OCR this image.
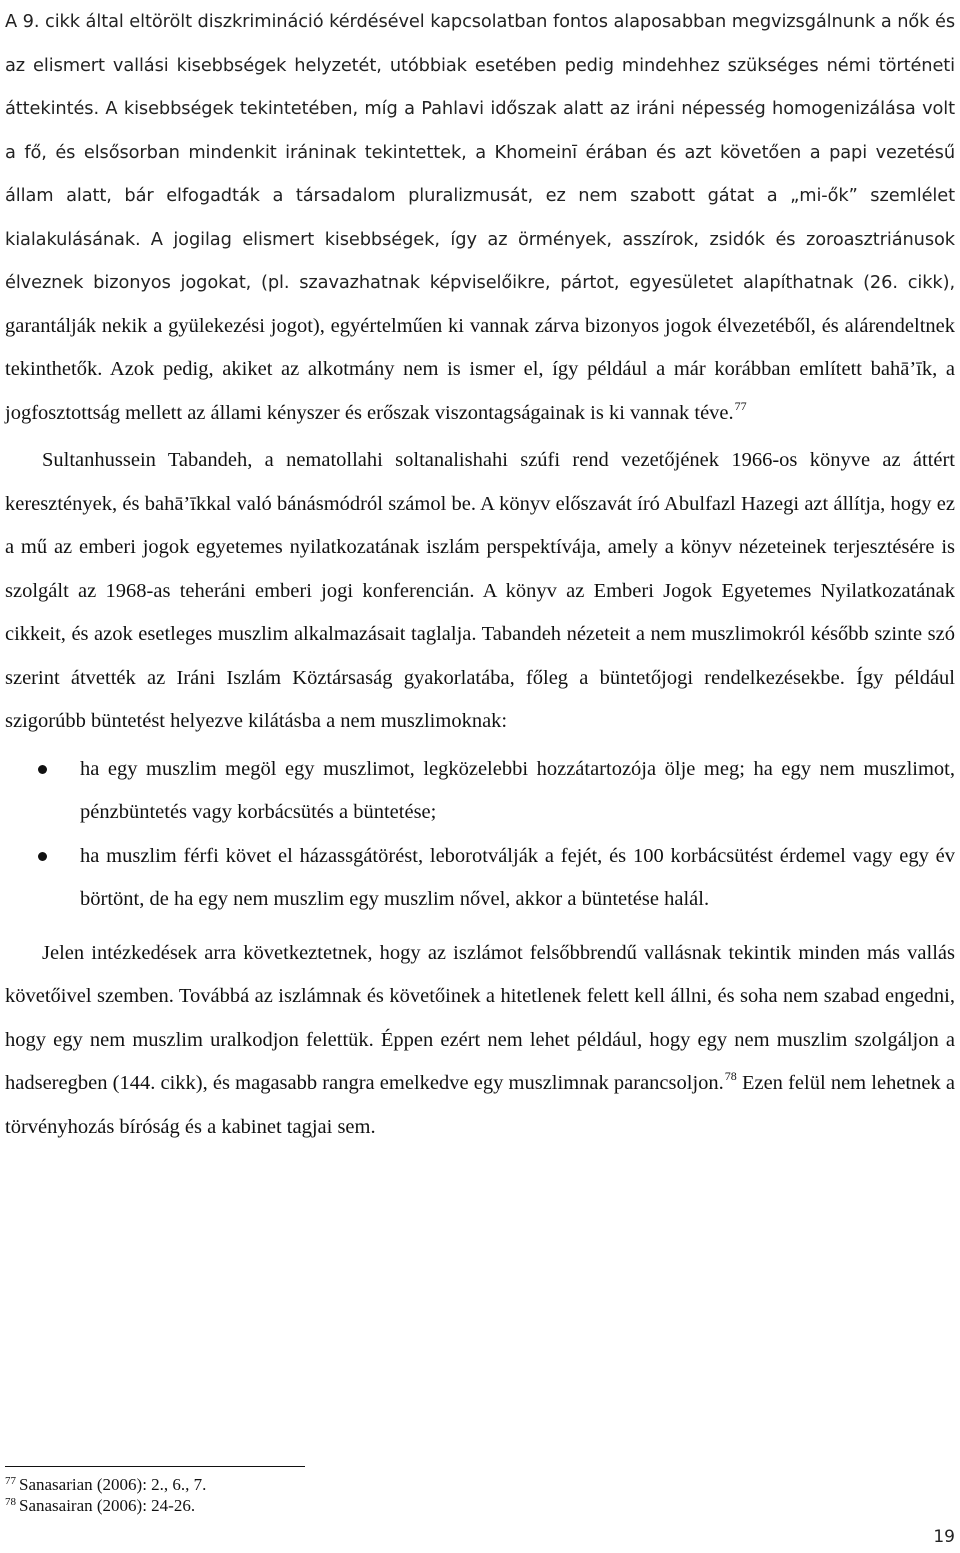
A 9. cikk által eltörölt diszkrimináció kérdésével kapcsolatban fontos alaposabban megvizsgálnunk a nők és az elismert vallási kisebbségek helyzetét, utóbbiak esetében pedig mindehhez szükséges némi történeti áttekintés. A kisebbségek tekintetében, míg a Pahlavi időszak alatt az iráni népesség homogenizálása volt a fő, és elsősorban mindenkit iráninak tekintettek, a Khomeinī érában és azt követően a papi vezetésű állam alatt, bár elfogadták a társadalom pluralizmusát, ez nem szabott gátat a „mi-ők” szemlélet kialakulásának. A jogilag elismert kisebbségek, így az örmények, asszírok, zsidók és zoroasztriánusok élveznek bizonyos jogokat, (pl. szavazhatnak képviselőikre, pártot, egyesületet alapíthatnak (26. cikk), garantálják nekik a gyülekezési jogot), egyértelműen ki vannak zárva bizonyos jogok élvezetéből, és alárendeltnek tekinthetők. Azok pedig, akiket az alkotmány nem is ismer el, így például a már korábban említett bahā’īk, a jogfosztottság mellett az állami kényszer és erőszak viszontagságainak is ki vannak téve.$^{77}$

Sultanhussein Tabandeh, a nematollahi soltanalishahi szúfi rend vezetőjének 1966-os könyve az áttért keresztények, és bahā’īkkal való bánásmódról számol be. A könyv előszavát író Abulfazl Hazegi azt állítja, hogy ez a mű az emberi jogok egyetemes nyilatkozatának iszlám perspektívája, amely a könyv nézeteinek terjesztésére is szolgált az 1968-as teheráni emberi jogi konferencián. A könyv az Emberi Jogok Egyetemes Nyilatkozatának cikkeit, és azok esetleges muszlim alkalmazásait taglalja. Tabandeh nézeteit a nem muszlimokról később szinte szó szerint átvették az Iráni Iszlám Köztársaság gyakorlatába, főleg a büntetőjogi rendelkezésekbe. Így például szigorúbb büntetést helyezve kilátásba a nem muszlimoknak:

ha egy muszlim megöl egy muszlimot, legközelebbi hozzátartozója ölje meg; ha egy nem muszlimot, pénzbüntetés vagy korbácsütés a büntetése;
ha muszlim férfi követ el házassgátörést, leborotválják a fejét, és 100 korbácsütést érdemel vagy egy év börtönt, de ha egy nem muszlim egy muszlim nővel, akkor a büntetése halál.

Jelen intézkedések arra következtetnek, hogy az iszlámot felsőbbrendű vallásnak tekintik minden más vallás követőivel szemben. Továbbá az iszlámnak és követőinek a hitetlenek felett kell állni, és soha nem szabad engedni, hogy egy nem muszlim uralkodjon felettük. Éppen ezért nem lehet például, hogy egy nem muszlim szolgáljon a hadseregben (144. cikk), és magasabb rangra emelkedve egy muszlimnak parancsoljon.$^{78}$ Ezen felül nem lehetnek a törvényhozás bíróság és a kabinet tagjai sem.

$^{77}$ Sanasarian (2006): 2., 6., 7.
$^{78}$ Sanasairan (2006): 24-26.
19
